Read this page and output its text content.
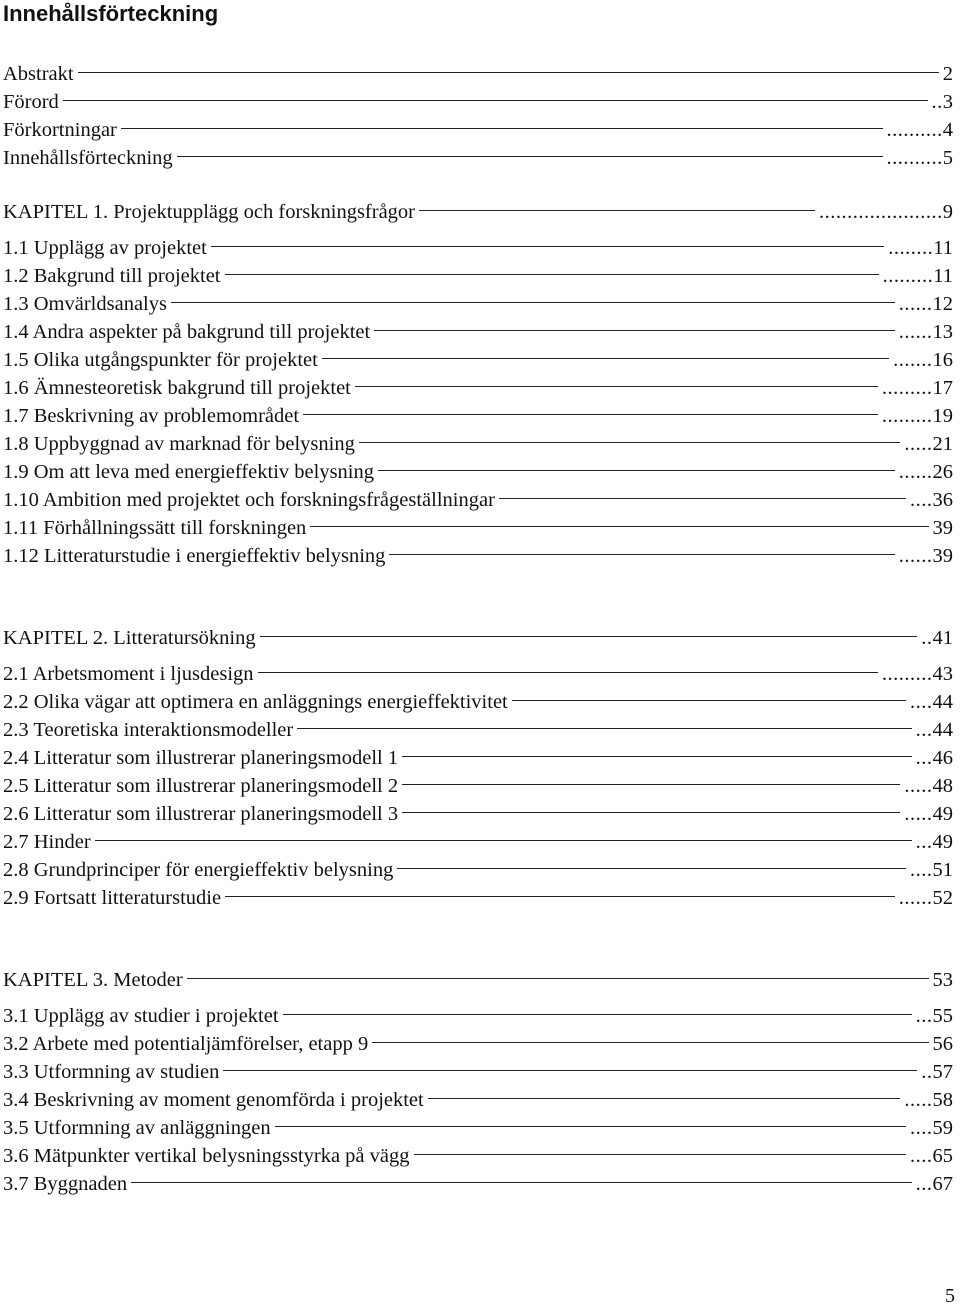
Innehållsförteckning
Abstrakt	2
Förord	.. 3
Förkortningar	.......... 4
Innehållsförteckning	.......... 5
KAPITEL 1. Projektupplägg och forskningsfrågor	...................... 9
1.1 Upplägg av projektet	........ 11
1.2 Bakgrund till projektet	......... 11
1.3 Omvärldsanalys	...... 12
1.4 Andra aspekter på bakgrund till projektet	...... 13
1.5 Olika utgångspunkter för projektet	....... 16
1.6 Ämnesteoretisk bakgrund till projektet	......... 17
1.7 Beskrivning av problemområdet	......... 19
1.8 Uppbyggnad av marknad för belysning	..... 21
1.9 Om att leva med energieffektiv belysning	...... 26
1.10 Ambition med projektet och forskningsfrågeställningar	.... 36
1.11 Förhållningssätt till forskningen	39
1.12 Litteraturstudie i energieffektiv belysning	...... 39
KAPITEL 2. Litteratursökning	.. 41
2.1 Arbetsmoment i ljusdesign	......... 43
2.2 Olika vägar att optimera en anläggnings energieffektivitet	.... 44
2.3 Teoretiska interaktionsmodeller	... 44
2.4 Litteratur som illustrerar planeringsmodell 1	... 46
2.5 Litteratur som illustrerar planeringsmodell 2	..... 48
2.6 Litteratur som illustrerar planeringsmodell 3	..... 49
2.7 Hinder	... 49
2.8 Grundprinciper för energieffektiv belysning	.... 51
2.9 Fortsatt litteraturstudie	...... 52
KAPITEL 3. Metoder	53
3.1 Upplägg av studier i projektet	... 55
3.2 Arbete med potentialjämförelser, etapp 9	56
3.3 Utformning av studien	.. 57
3.4 Beskrivning av moment genomförda i projektet	..... 58
3.5 Utformning av anläggningen	.... 59
3.6 Mätpunkter vertikal belysningsstyrka på vägg	.... 65
3.7 Byggnaden	... 67
5
